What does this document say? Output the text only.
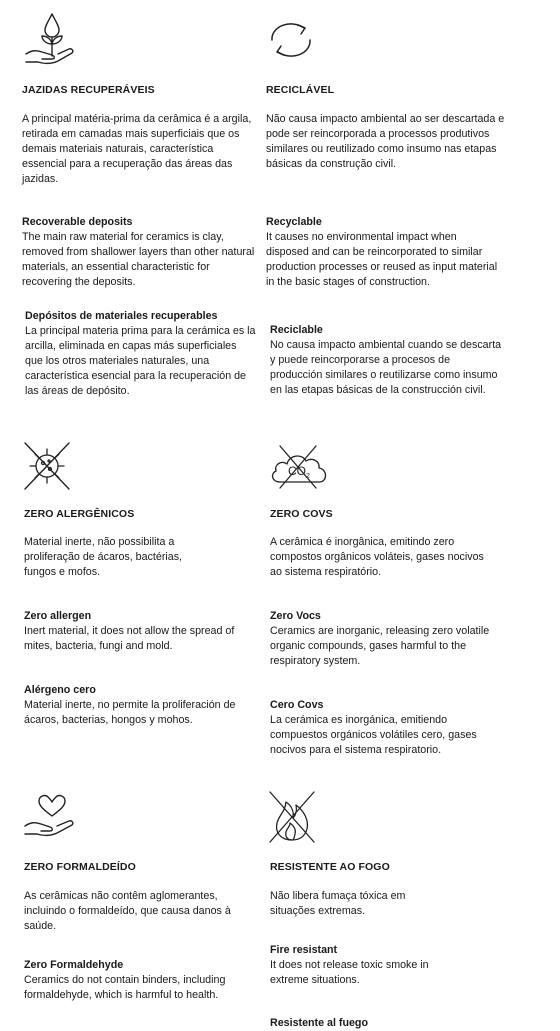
JAZIDAS RECUPERÁVEIS

A principal matéria-prima da cerâmica é a argila, retirada em camadas mais superficiais que os demais materiais naturais, característica essencial para a recuperação das áreas das jazidas.

Recoverable deposits

The main raw material for ceramics is clay, removed from shallower layers than other natural materials, an essential characteristic for recovering the deposits.

Depósitos de materiales recuperables

La principal materia prima para la cerámica es la arcilla, eliminada en capas más superficiales que los otros materiales naturales, una característica esencial para la recuperación de las áreas de depósito.

RECICLÁVEL

Não causa impacto ambiental ao ser descartada e pode ser reincorporada a processos produtivos similares ou reutilizado como insumo nas etapas básicas da construção civil.

Recyclable

It causes no environmental impact when disposed and can be reincorporated to similar production processes or reused as input material in the basic stages of construction.

Reciclable

No causa impacto ambiental cuando se descarta y puede reincorporarse a procesos de producción similares o reutilizarse como insumo en las etapas básicas de la construcción civil.

ZERO ALERGÊNICOS

Material inerte, não possibilita a proliferação de ácaros, bactérias, fungos e mofos.

Zero allergen

Inert material, it does not allow the spread of mites, bacteria, fungi and mold.

Alérgeno cero

Material inerte, no permite la proliferación de ácaros, bacterias, hongos y mohos.

CO 2
ZERO COVS

A cerâmica é inorgânica, emitindo zero compostos orgânicos voláteis, gases nocivos ao sistema respiratório.

Zero Vocs

Ceramics are inorganic, releasing zero volatile organic compounds, gases harmful to the respiratory system.

Cero Covs

La cerámica es inorgánica, emitiendo compuestos orgánicos volátiles cero, gases nocivos para el sistema respiratorio.

ZERO FORMALDEÍDO

As cerâmicas não contêm aglomerantes, incluindo o formaldeído, que causa danos à saúde.

Zero Formaldehyde

Ceramics do not contain binders, including formaldehyde, which is harmful to health.

RESISTENTE AO FOGO

Não libera fumaça tóxica em situações extremas.

Fire resistant

It does not release toxic smoke in extreme situations.

Resistente al fuego
